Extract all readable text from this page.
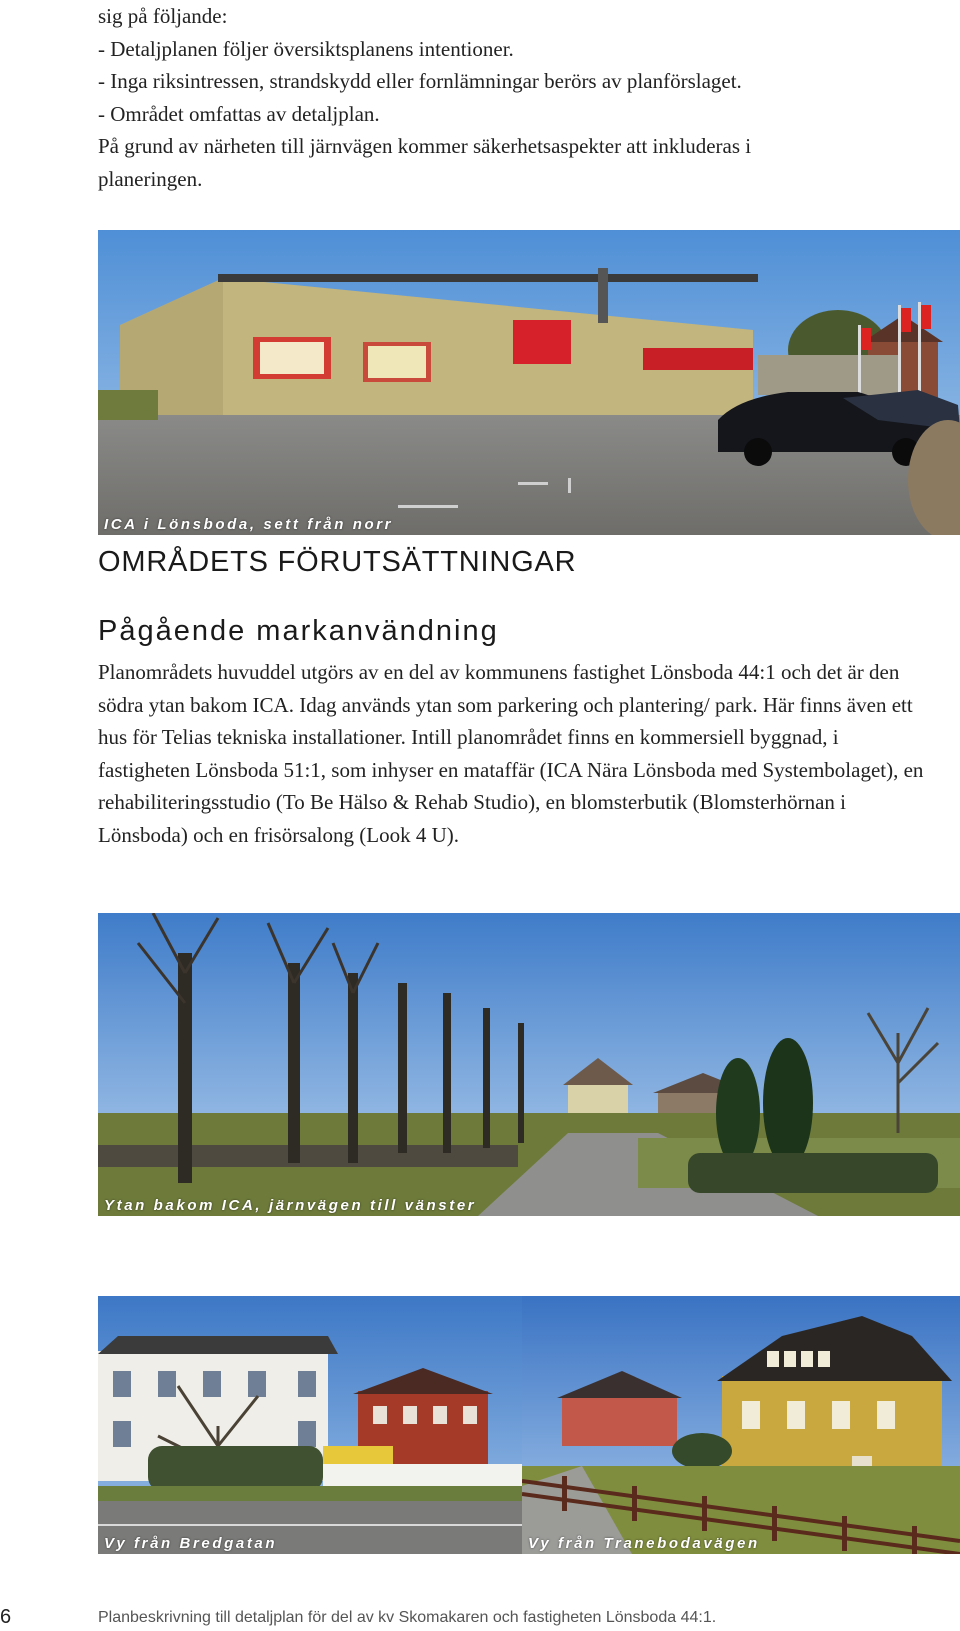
sig på följande:

- Detaljplanen följer översiktsplanens intentioner.

- Inga riksintressen, strandskydd eller fornlämningar berörs av planförslaget.

- Området omfattas av detaljplan.

På grund av närheten till järnvägen kommer säkerhetsaspekter att inkluderas i

planeringen.

ICA i Lönsboda, sett från norr
OMRÅDETS FÖRUTSÄTTNINGAR
Pågående markanvändning

Planområdets huvuddel utgörs av en del av kommunens fastighet Lönsboda 44:1 och det är den södra ytan bakom ICA. Idag används ytan som parkering och plantering/ park. Här finns även ett hus för Telias tekniska installationer. Intill planområdet finns en kommersiell byggnad, i fastigheten Lönsboda 51:1, som inhyser en mataffär (ICA Nära Lönsboda med Systembolaget), en rehabiliteringsstudio (To Be Hälso & Rehab Studio), en blomsterbutik (Blomsterhörnan i Lönsboda) och en frisörsalong (Look 4 U).

Ytan bakom ICA, järnvägen till vänster
Vy från Bredgatan	Vy från Tranebodavägen
6	Planbeskrivning till detaljplan för del av kv Skomakaren och fastigheten Lönsboda 44:1.
